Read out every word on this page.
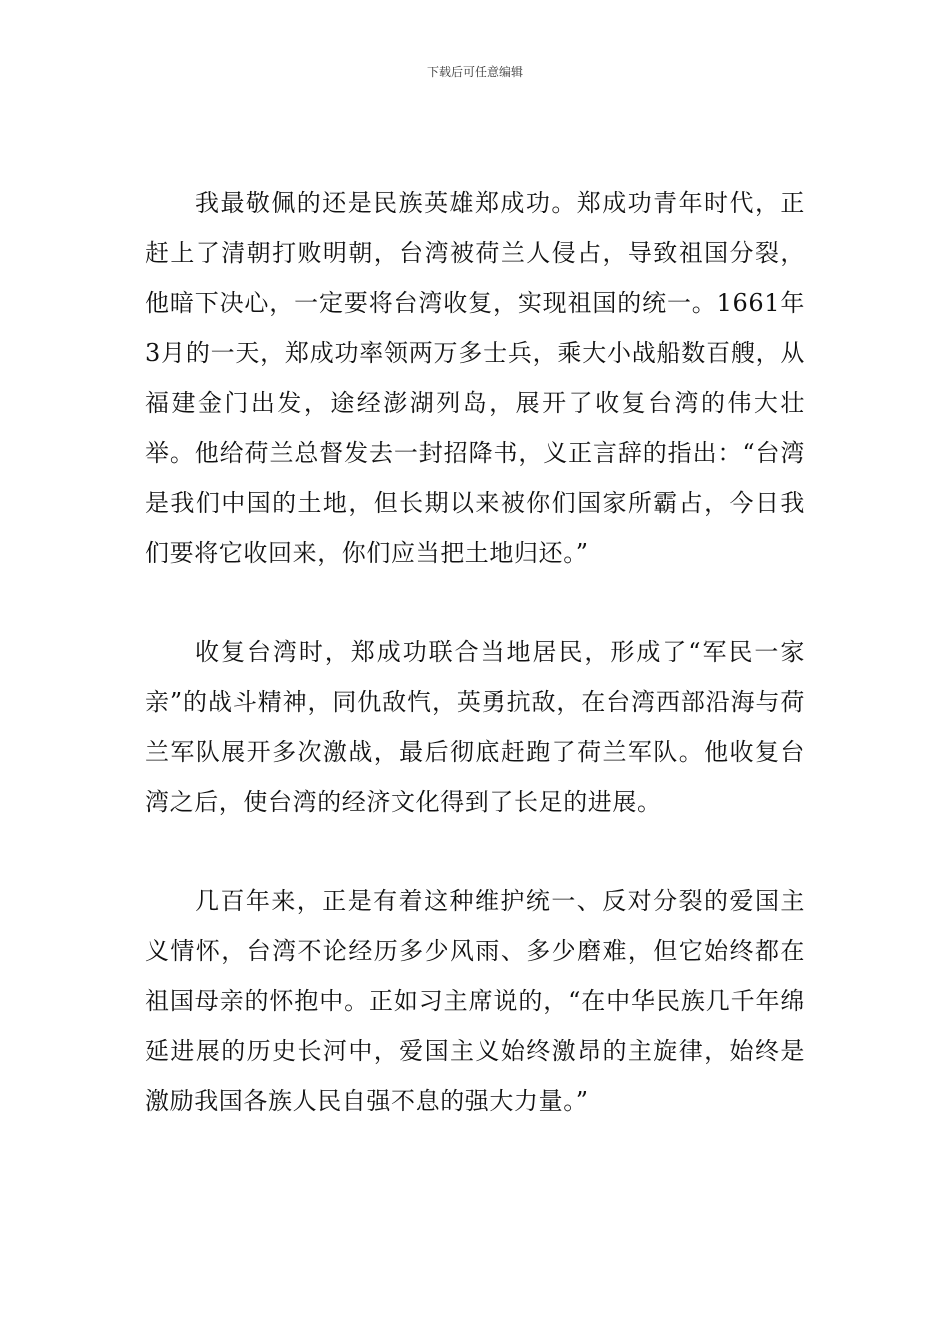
下载后可任意编辑

我最敬佩的还是民族英雄郑成功。郑成功青年时代，正赶上了清朝打败明朝，台湾被荷兰人侵占，导致祖国分裂，他暗下决心，一定要将台湾收复，实现祖国的统一。1661年3月的一天，郑成功率领两万多士兵，乘大小战船数百艘，从福建金门出发，途经澎湖列岛，展开了收复台湾的伟大壮举。他给荷兰总督发去一封招降书，义正言辞的指出：“台湾是我们中国的土地，但长期以来被你们国家所霸占，今日我们要将它收回来，你们应当把土地归还。”

收复台湾时，郑成功联合当地居民，形成了“军民一家亲”的战斗精神，同仇敌忾，英勇抗敌，在台湾西部沿海与荷兰军队展开多次激战，最后彻底赶跑了荷兰军队。他收复台湾之后，使台湾的经济文化得到了长足的进展。

几百年来，正是有着这种维护统一、反对分裂的爱国主义情怀，台湾不论经历多少风雨、多少磨难，但它始终都在祖国母亲的怀抱中。正如习主席说的，“在中华民族几千年绵延进展的历史长河中，爱国主义始终激昂的主旋律，始终是激励我国各族人民自强不息的强大力量。”
